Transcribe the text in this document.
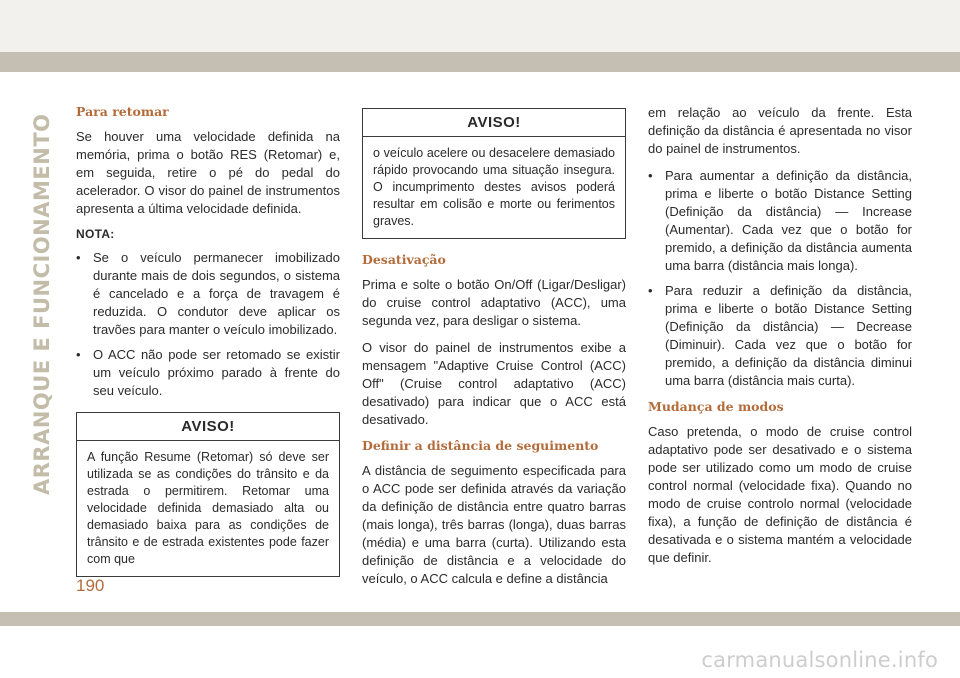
ARRANQUE E FUNCIONAMENTO
Para retomar

Se houver uma velocidade definida na memória, prima o botão RES (Retomar) e, em seguida, retire o pé do pedal do acelerador. O visor do painel de instrumentos apresenta a última velocidade definida.

NOTA:
• Se o veículo permanecer imobilizado durante mais de dois segundos, o sistema é cancelado e a força de travagem é reduzida. O condutor deve aplicar os travões para manter o veículo imobilizado.
• O ACC não pode ser retomado se existir um veículo próximo parado à frente do seu veículo.
AVISO!
A função Resume (Retomar) só deve ser utilizada se as condições do trânsito e da estrada o permitirem. Retomar uma velocidade definida demasiado alta ou demasiado baixa para as condições de trânsito e de estrada existentes pode fazer com que
AVISO!
o veículo acelere ou desacelere demasiado rápido provocando uma situação insegura. O incumprimento destes avisos poderá resultar em colisão e morte ou ferimentos graves.
Desativação

Prima e solte o botão On/Off (Ligar/Desligar) do cruise control adaptativo (ACC), uma segunda vez, para desligar o sistema.

O visor do painel de instrumentos exibe a mensagem "Adaptive Cruise Control (ACC) Off" (Cruise control adaptativo (ACC) desativado) para indicar que o ACC está desativado.

Definir a distância de seguimento

A distância de seguimento especificada para o ACC pode ser definida através da variação da definição de distância entre quatro barras (mais longa), três barras (longa), duas barras (média) e uma barra (curta). Utilizando esta definição de distância e a velocidade do veículo, o ACC calcula e define a distância

em relação ao veículo da frente. Esta definição da distância é apresentada no visor do painel de instrumentos.

• Para aumentar a definição da distância, prima e liberte o botão Distance Setting (Definição da distância) — Increase (Aumentar). Cada vez que o botão for premido, a definição da distância aumenta uma barra (distância mais longa).
• Para reduzir a definição da distância, prima e liberte o botão Distance Setting (Definição da distância) — Decrease (Diminuir). Cada vez que o botão for premido, a definição da distância diminui uma barra (distância mais curta).
Mudança de modos

Caso pretenda, o modo de cruise control adaptativo pode ser desativado e o sistema pode ser utilizado como um modo de cruise control normal (velocidade fixa). Quando no modo de cruise controlo normal (velocidade fixa), a função de definição de distância é desativada e o sistema mantém a velocidade que definir.

190
carmanualsonline.info
